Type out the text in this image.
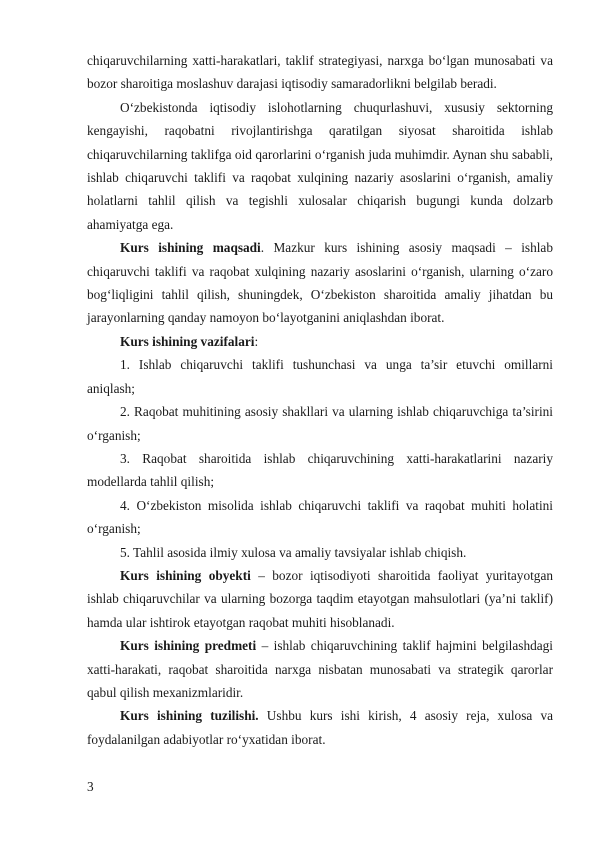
chiqaruvchilarning xatti-harakatlari, taklif strategiyasi, narxga bo‘lgan munosabati va bozor sharoitiga moslashuv darajasi iqtisodiy samaradorlikni belgilab beradi.

O‘zbekistonda iqtisodiy islohotlarning chuqurlashuvi, xususiy sektorning kengayishi, raqobatni rivojlantirishga qaratilgan siyosat sharoitida ishlab chiqaruvchilarning taklifga oid qarorlarini o‘rganish juda muhimdir. Aynan shu sababli, ishlab chiqaruvchi taklifi va raqobat xulqining nazariy asoslarini o‘rganish, amaliy holatlarni tahlil qilish va tegishli xulosalar chiqarish bugungi kunda dolzarb ahamiyatga ega.

Kurs ishining maqsadi. Mazkur kurs ishining asosiy maqsadi – ishlab chiqaruvchi taklifi va raqobat xulqining nazariy asoslarini o‘rganish, ularning o‘zaro bog‘liqligini tahlil qilish, shuningdek, O‘zbekiston sharoitida amaliy jihatdan bu jarayonlarning qanday namoyon bo‘layotganini aniqlashdan iborat.

Kurs ishining vazifalari:

1. Ishlab chiqaruvchi taklifi tushunchasi va unga ta’sir etuvchi omillarni aniqlash;

2. Raqobat muhitining asosiy shakllari va ularning ishlab chiqaruvchiga ta’sirini o‘rganish;

3. Raqobat sharoitida ishlab chiqaruvchining xatti-harakatlarini nazariy modellarda tahlil qilish;

4. O‘zbekiston misolida ishlab chiqaruvchi taklifi va raqobat muhiti holatini o‘rganish;

5. Tahlil asosida ilmiy xulosa va amaliy tavsiyalar ishlab chiqish.

Kurs ishining obyekti – bozor iqtisodiyoti sharoitida faoliyat yuritayotgan ishlab chiqaruvchilar va ularning bozorga taqdim etayotgan mahsulotlari (ya’ni taklif) hamda ular ishtirok etayotgan raqobat muhiti hisoblanadi.

Kurs ishining predmeti – ishlab chiqaruvchining taklif hajmini belgilashdagi xatti-harakati, raqobat sharoitida narxga nisbatan munosabati va strategik qarorlar qabul qilish mexanizmlaridir.

Kurs ishining tuzilishi. Ushbu kurs ishi kirish, 4 asosiy reja, xulosa va foydalanilgan adabiyotlar ro‘yxatidan iborat.

3
